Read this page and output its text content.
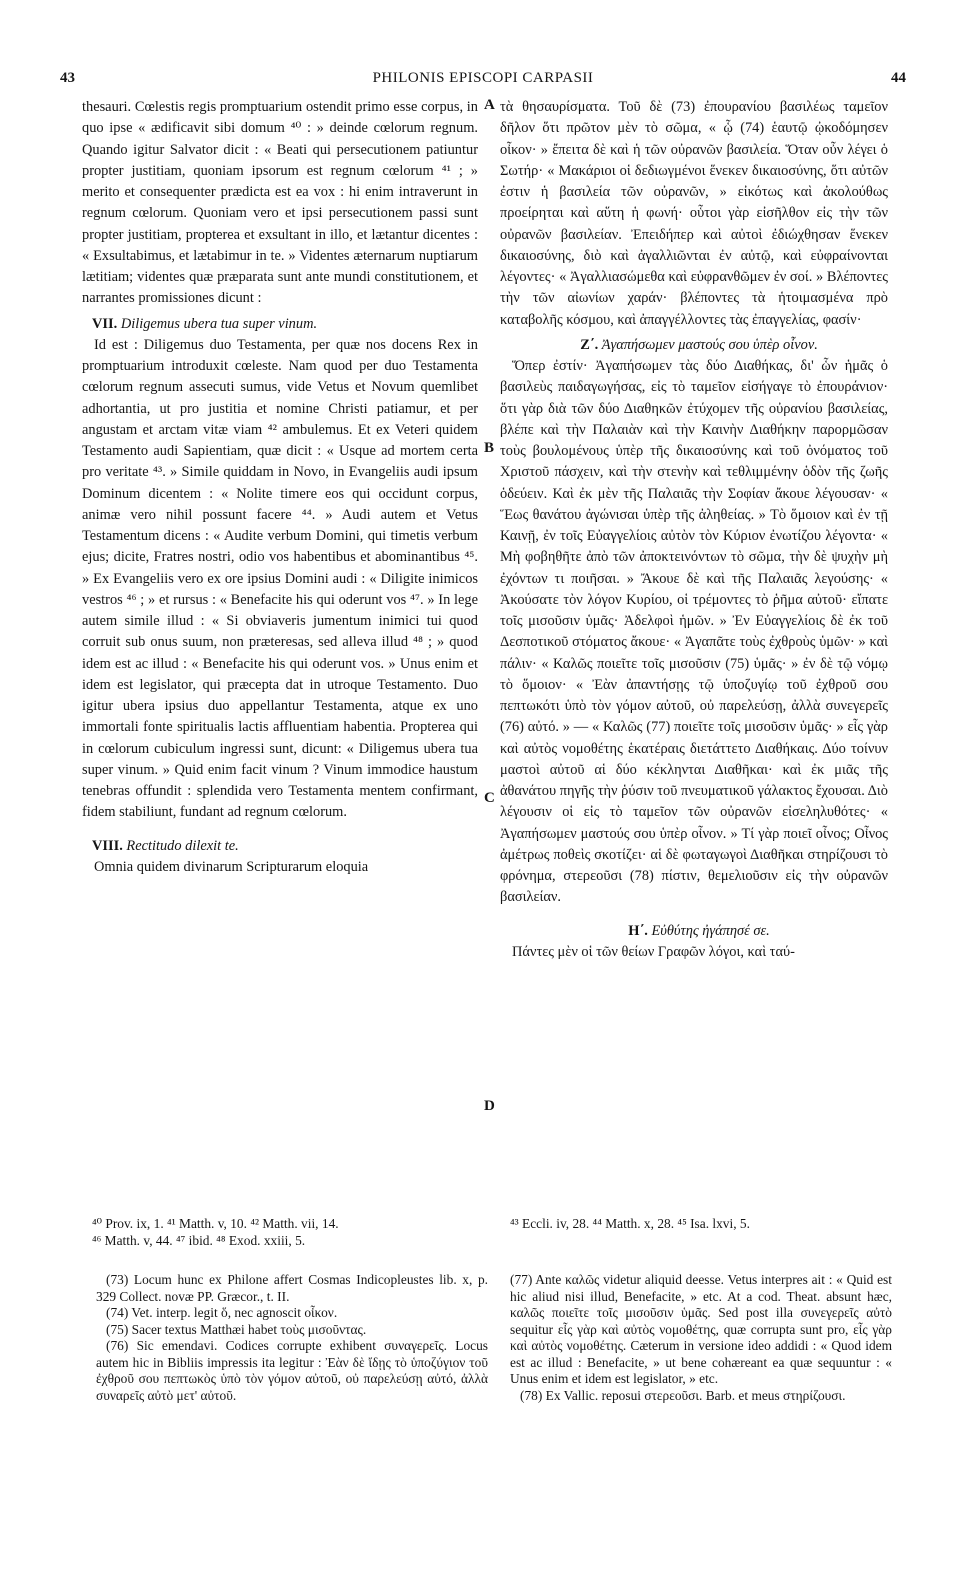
43	PHILONIS EPISCOPI CARPASII	44

thesauri. Cœlestis regis promptuarium ostendit primo esse corpus, in quo ipse « ædificavit sibi domum ⁴⁰ : » deinde cœlorum regnum. Quando igitur Salvator dicit : « Beati qui persecutionem patiuntur propter justitiam, quoniam ipsorum est regnum cœlorum ⁴¹ ; » merito et consequenter prædicta est ea vox : hi enim intraverunt in regnum cœlorum. Quoniam vero et ipsi persecutionem passi sunt propter justitiam, propterea et exsultant in illo, et lætantur dicentes : « Exsultabimus, et lætabimur in te. » Videntes æternarum nuptiarum lætitiam; videntes quæ præparata sunt ante mundi constitutionem, et narrantes promissiones dicunt :

VII. Diligemus ubera tua super vinum.

Id est : Diligemus duo Testamenta, per quæ nos docens Rex in promptuarium introduxit cœleste. Nam quod per duo Testamenta cœlorum regnum assecuti sumus, vide Vetus et Novum quemlibet adhortantia, ut pro justitia et nomine Christi patiamur, et per angustam et arctam vitæ viam ⁴² ambulemus. Et ex Veteri quidem Testamento audi Sapientiam, quæ dicit : « Usque ad mortem certa pro veritate ⁴³. » Simile quiddam in Novo, in Evangeliis audi ipsum Dominum dicentem : « Nolite timere eos qui occidunt corpus, animæ vero nihil possunt facere ⁴⁴. » Audi autem et Vetus Testamentum dicens : « Audite verbum Domini, qui timetis verbum ejus; dicite, Fratres nostri, odio vos habentibus et abominantibus ⁴⁵. » Ex Evangeliis vero ex ore ipsius Domini audi : « Diligite inimicos vestros ⁴⁶ ; » et rursus : « Benefacite his qui oderunt vos ⁴⁷. » In lege autem simile illud : « Si obviaveris jumentum inimici tui quod corruit sub onus suum, non præteresas, sed alleva illud ⁴⁸ ; » quod idem est ac illud : « Benefacite his qui oderunt vos. » Unus enim et idem est legislator, qui præcepta dat in utroque Testamento. Duo igitur ubera ipsius duo appellantur Testamenta, atque ex uno immortali fonte spiritualis lactis affluentiam habentia. Propterea qui in cœlorum cubiculum ingressi sunt, dicunt: « Diligemus ubera tua super vinum. » Quid enim facit vinum ? Vinum immodice haustum tenebras offundit : splendida vero Testamenta mentem confirmant, fidem stabiliunt, fundant ad regnum cœlorum.

VIII. Rectitudo dilexit te.

Omnia quidem divinarum Scripturarum eloquia

τὰ θησαυρίσματα. Τοῦ δὲ (73) ἐπουρανίου βασιλέως ταμεῖον δῆλον ὅτι πρῶτον μὲν τὸ σῶμα, « ᾧ (74) ἑαυτῷ ᾠκοδόμησεν οἶκον· » ἔπειτα δὲ καὶ ἡ τῶν οὐρανῶν βασιλεία. Ὅταν οὖν λέγει ὁ Σωτήρ· « Μακάριοι οἱ δεδιωγμένοι ἕνεκεν δικαιοσύνης, ὅτι αὐτῶν ἐστιν ἡ βασιλεία τῶν οὐρανῶν, » εἰκότως καὶ ἀκολούθως προείρηται καὶ αὕτη ἡ φωνή· οὗτοι γὰρ εἰσῆλθον εἰς τὴν τῶν οὐρανῶν βασιλείαν. Ἐπειδήπερ καὶ αὐτοὶ ἐδιώχθησαν ἕνεκεν δικαιοσύνης, διὸ καὶ ἀγαλλιῶνται ἐν αὐτῷ, καὶ εὐφραίνονται λέγοντες· « Ἀγαλλιασώμεθα καὶ εὐφρανθῶμεν ἐν σοί. » Βλέποντες τὴν τῶν αἰωνίων χαράν· βλέποντες τὰ ἡτοιμασμένα πρὸ καταβολῆς κόσμου, καὶ ἀπαγγέλλοντες τὰς ἐπαγγελίας, φασίν·

Ζ΄. Ἀγαπήσωμεν μαστούς σου ὑπὲρ οἶνον.

Ὅπερ ἐστίν· Ἀγαπήσωμεν τὰς δύο Διαθήκας, δι' ὧν ἡμᾶς ὁ βασιλεὺς παιδαγωγήσας, εἰς τὸ ταμεῖον εἰσήγαγε τὸ ἐπουράνιον· ὅτι γὰρ διὰ τῶν δύο Διαθηκῶν ἐτύχομεν τῆς οὐρανίου βασιλείας, βλέπε καὶ τὴν Παλαιὰν καὶ τὴν Καινὴν Διαθήκην παρορμῶσαν τοὺς βουλομένους ὑπὲρ τῆς δικαιοσύνης καὶ τοῦ ὀνόματος τοῦ Χριστοῦ πάσχειν, καὶ τὴν στενὴν καὶ τεθλιμμένην ὁδὸν τῆς ζωῆς ὁδεύειν. Καὶ ἐκ μὲν τῆς Παλαιᾶς τὴν Σοφίαν ἄκουε λέγουσαν· « Ἕως θανάτου ἀγώνισαι ὑπὲρ τῆς ἀληθείας. » Τὸ ὅμοιον καὶ ἐν τῇ Καινῇ, ἐν τοῖς Εὐαγγελίοις αὐτὸν τὸν Κύριον ἐνωτίζου λέγοντα· « Μὴ φοβηθῆτε ἀπὸ τῶν ἀποκτεινόντων τὸ σῶμα, τὴν δὲ ψυχὴν μὴ ἐχόντων τι ποιῆσαι. » Ἄκουε δὲ καὶ τῆς Παλαιᾶς λεγούσης· « Ἀκούσατε τὸν λόγον Κυρίου, οἱ τρέμοντες τὸ ῥῆμα αὐτοῦ· εἴπατε τοῖς μισοῦσιν ὑμᾶς· Ἀδελφοὶ ἡμῶν. » Ἐν Εὐαγγελίοις δὲ ἐκ τοῦ Δεσποτικοῦ στόματος ἄκουε· « Ἀγαπᾶτε τοὺς ἐχθροὺς ὑμῶν· » καὶ πάλιν· « Καλῶς ποιεῖτε τοῖς μισοῦσιν (75) ὑμᾶς· » ἐν δὲ τῷ νόμῳ τὸ ὅμοιον· « Ἐὰν ἀπαντήσῃς τῷ ὑποζυγίῳ τοῦ ἐχθροῦ σου πεπτωκότι ὑπὸ τὸν γόμον αὐτοῦ, οὐ παρελεύσῃ, ἀλλὰ συνεγερεῖς (76) αὐτό. » — « Καλῶς (77) ποιεῖτε τοῖς μισοῦσιν ὑμᾶς· » εἷς γὰρ καὶ αὐτὸς νομοθέτης ἑκατέραις διετάττετο Διαθήκαις. Δύο τοίνυν μαστοὶ αὐτοῦ αἱ δύο κέκληνται Διαθῆκαι· καὶ ἐκ μιᾶς τῆς ἀθανάτου πηγῆς τὴν ῥύσιν τοῦ πνευματικοῦ γάλακτος ἔχουσαι. Διὸ λέγουσιν οἱ εἰς τὸ ταμεῖον τῶν οὐρανῶν εἰσεληλυθότες· « Ἀγαπήσωμεν μαστούς σου ὑπὲρ οἶνον. » Τί γὰρ ποιεῖ οἶνος; Οἶνος ἀμέτρως ποθεὶς σκοτίζει· αἱ δὲ φωταγωγοὶ Διαθῆκαι στηρίζουσι τὸ φρόνημα, στερεοῦσι (78) πίστιν, θεμελιοῦσιν εἰς τὴν οὐρανῶν βασιλείαν.

Η΄. Εὐθύτης ἠγάπησέ σε.

Πάντες μὲν οἱ τῶν θείων Γραφῶν λόγοι, καὶ ταύ-

A
B
C
D
⁴⁰ Prov. ix, 1. ⁴¹ Matth. v, 10. ⁴² Matth. vii, 14.
⁴⁶ Matth. v, 44. ⁴⁷ ibid. ⁴⁸ Exod. xxiii, 5.
⁴³ Eccli. iv, 28. ⁴⁴ Matth. x, 28. ⁴⁵ Isa. lxvi, 5.

(73) Locum hunc ex Philone affert Cosmas Indicopleustes lib. x, p. 329 Collect. novæ PP. Græcor., t. II.

(74) Vet. interp. legit ὅ, nec agnoscit οἶκον.

(75) Sacer textus Matthæi habet τοὺς μισοῦντας.

(76) Sic emendavi. Codices corrupte exhibent συναγερεῖς. Locus autem hic in Bibliis impressis ita legitur : Ἐὰν δὲ ἴδῃς τὸ ὑποζύγιον τοῦ ἐχθροῦ σου πεπτωκὸς ὑπὸ τὸν γόμον αὐτοῦ, οὐ παρελεύσῃ αὐτό, ἀλλὰ συναρεῖς αὐτὸ μετ' αὐτοῦ.

(77) Ante καλῶς videtur aliquid deesse. Vetus interpres ait : « Quid est hic aliud nisi illud, Benefacite, » etc. At a cod. Theat. absunt hæc, καλῶς ποιεῖτε τοῖς μισοῦσιν ὑμᾶς. Sed post illa συνεγερεῖς αὐτὸ sequitur εἷς γὰρ καὶ αὐτὸς νομοθέτης, quæ corrupta sunt pro, εἷς γὰρ καὶ αὐτὸς νομοθέτης. Cæterum in versione ideo addidi : « Quod idem est ac illud : Benefacite, » ut bene cohæreant ea quæ sequuntur : « Unus enim et idem est legislator, » etc.

(78) Ex Vallic. reposui στερεοῦσι. Barb. et meus στηρίζουσι.
